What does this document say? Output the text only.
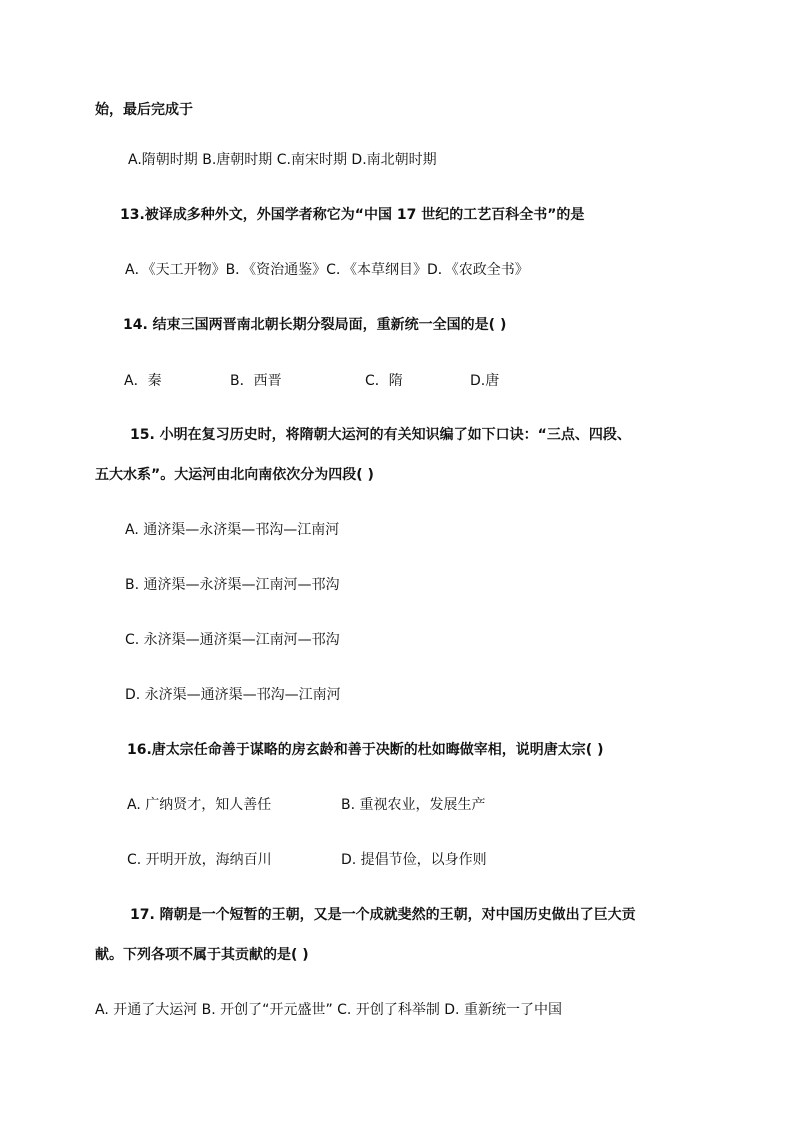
始，最后完成于
A.隋朝时期 B.唐朝时期 C.南宋时期 D.南北朝时期
13.被译成多种外文，外国学者称它为“中国 17 世纪的工艺百科全书”的是
A．《天工开物》B．《资治通鉴》C．《本草纲目》D．《农政全书》
14. 结束三国两晋南北朝长期分裂局面，重新统一全国的是( )
A．秦	B．西晋	C．隋	D.唐
15. 小明在复习历史时，将隋朝大运河的有关知识编了如下口诀：“三点、四段、
五大水系”。大运河由北向南依次分为四段( )
A. 通济渠—永济渠—邗沟—江南河
B. 通济渠—永济渠—江南河—邗沟
C. 永济渠—通济渠—江南河—邗沟
D. 永济渠—通济渠—邗沟—江南河
16.唐太宗任命善于谋略的房玄龄和善于决断的杜如晦做宰相，说明唐太宗( )
A. 广纳贤才，知人善任	B. 重视农业，发展生产
C. 开明开放，海纳百川	D. 提倡节俭，以身作则
17. 隋朝是一个短暂的王朝，又是一个成就斐然的王朝，对中国历史做出了巨大贡
献。下列各项不属于其贡献的是( )
A. 开通了大运河 B. 开创了“开元盛世” C. 开创了科举制 D. 重新统一了中国
